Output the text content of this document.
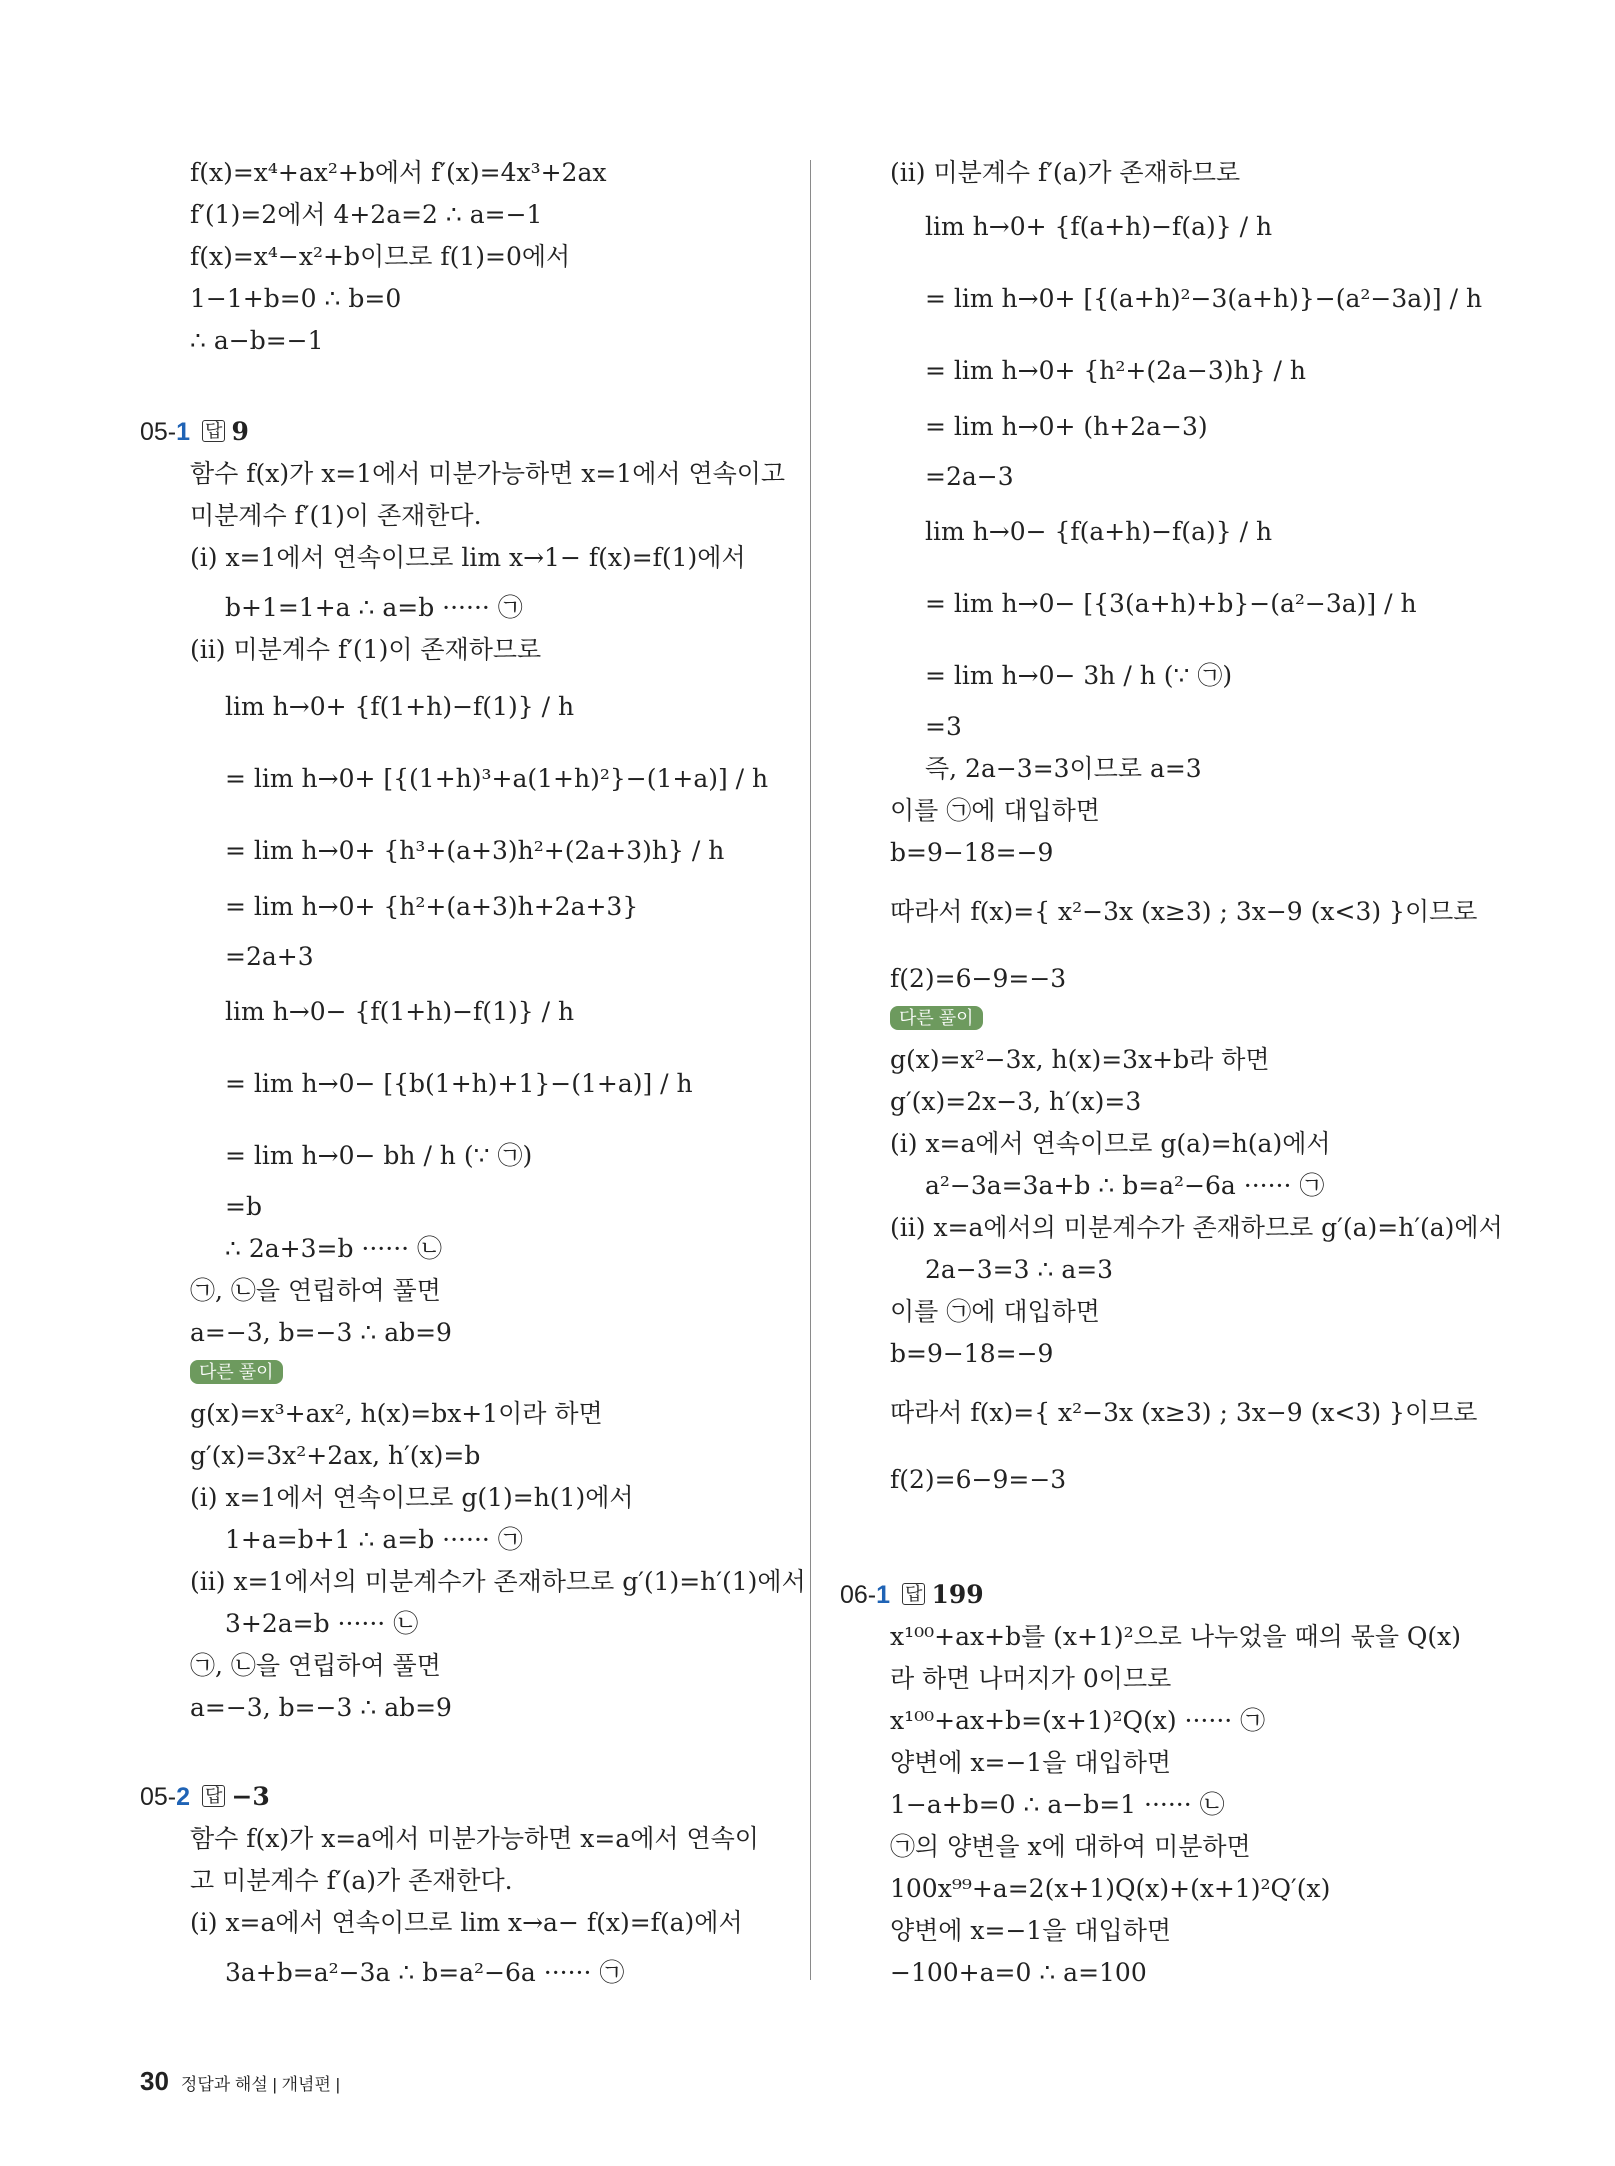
f(x)=x⁴+ax²+b에서 f′(x)=4x³+2ax
f′(1)=2에서 4+2a=2 ∴ a=−1
f(x)=x⁴−x²+b이므로 f(1)=0에서
1−1+b=0 ∴ b=0
∴ a−b=−1
05-1 답 9
함수 f(x)가 x=1에서 미분가능하면 x=1에서 연속이고
미분계수 f′(1)이 존재한다.
(ⅰ) x=1에서 연속이므로 lim x→1− f(x)=f(1)에서
b+1=1+a ∴ a=b ······ ㉠
(ⅱ) 미분계수 f′(1)이 존재하므로
lim h→0+ {f(1+h)−f(1)} / h
= lim h→0+ [{(1+h)³+a(1+h)²}−(1+a)] / h
= lim h→0+ {h³+(a+3)h²+(2a+3)h} / h
= lim h→0+ {h²+(a+3)h+2a+3}
=2a+3
lim h→0− {f(1+h)−f(1)} / h
= lim h→0− [{b(1+h)+1}−(1+a)] / h
= lim h→0− bh / h (∵ ㉠)
=b
∴ 2a+3=b ······ ㉡
㉠, ㉡을 연립하여 풀면
a=−3, b=−3 ∴ ab=9
다른 풀이
g(x)=x³+ax², h(x)=bx+1이라 하면
g′(x)=3x²+2ax, h′(x)=b
(ⅰ) x=1에서 연속이므로 g(1)=h(1)에서
1+a=b+1 ∴ a=b ······ ㉠
(ⅱ) x=1에서의 미분계수가 존재하므로 g′(1)=h′(1)에서
3+2a=b ······ ㉡
㉠, ㉡을 연립하여 풀면
a=−3, b=−3 ∴ ab=9
05-2 답 −3
함수 f(x)가 x=a에서 미분가능하면 x=a에서 연속이
고 미분계수 f′(a)가 존재한다.
(ⅰ) x=a에서 연속이므로 lim x→a− f(x)=f(a)에서
3a+b=a²−3a ∴ b=a²−6a ······ ㉠
(ⅱ) 미분계수 f′(a)가 존재하므로
lim h→0+ {f(a+h)−f(a)} / h
= lim h→0+ [{(a+h)²−3(a+h)}−(a²−3a)] / h
= lim h→0+ {h²+(2a−3)h} / h
= lim h→0+ (h+2a−3)
=2a−3
lim h→0− {f(a+h)−f(a)} / h
= lim h→0− [{3(a+h)+b}−(a²−3a)] / h
= lim h→0− 3h / h (∵ ㉠)
=3
즉, 2a−3=3이므로 a=3
이를 ㉠에 대입하면
b=9−18=−9
따라서 f(x)={ x²−3x (x≥3) ; 3x−9 (x<3) }이므로
f(2)=6−9=−3
다른 풀이
g(x)=x²−3x, h(x)=3x+b라 하면
g′(x)=2x−3, h′(x)=3
(ⅰ) x=a에서 연속이므로 g(a)=h(a)에서
a²−3a=3a+b ∴ b=a²−6a ······ ㉠
(ⅱ) x=a에서의 미분계수가 존재하므로 g′(a)=h′(a)에서
2a−3=3 ∴ a=3
이를 ㉠에 대입하면
b=9−18=−9
따라서 f(x)={ x²−3x (x≥3) ; 3x−9 (x<3) }이므로
f(2)=6−9=−3
06-1 답 199
x¹⁰⁰+ax+b를 (x+1)²으로 나누었을 때의 몫을 Q(x)
라 하면 나머지가 0이므로
x¹⁰⁰+ax+b=(x+1)²Q(x) ······ ㉠
양변에 x=−1을 대입하면
1−a+b=0 ∴ a−b=1 ······ ㉡
㉠의 양변을 x에 대하여 미분하면
100x⁹⁹+a=2(x+1)Q(x)+(x+1)²Q′(x)
양변에 x=−1을 대입하면
−100+a=0 ∴ a=100
30 정답과 해설 | 개념편 |
